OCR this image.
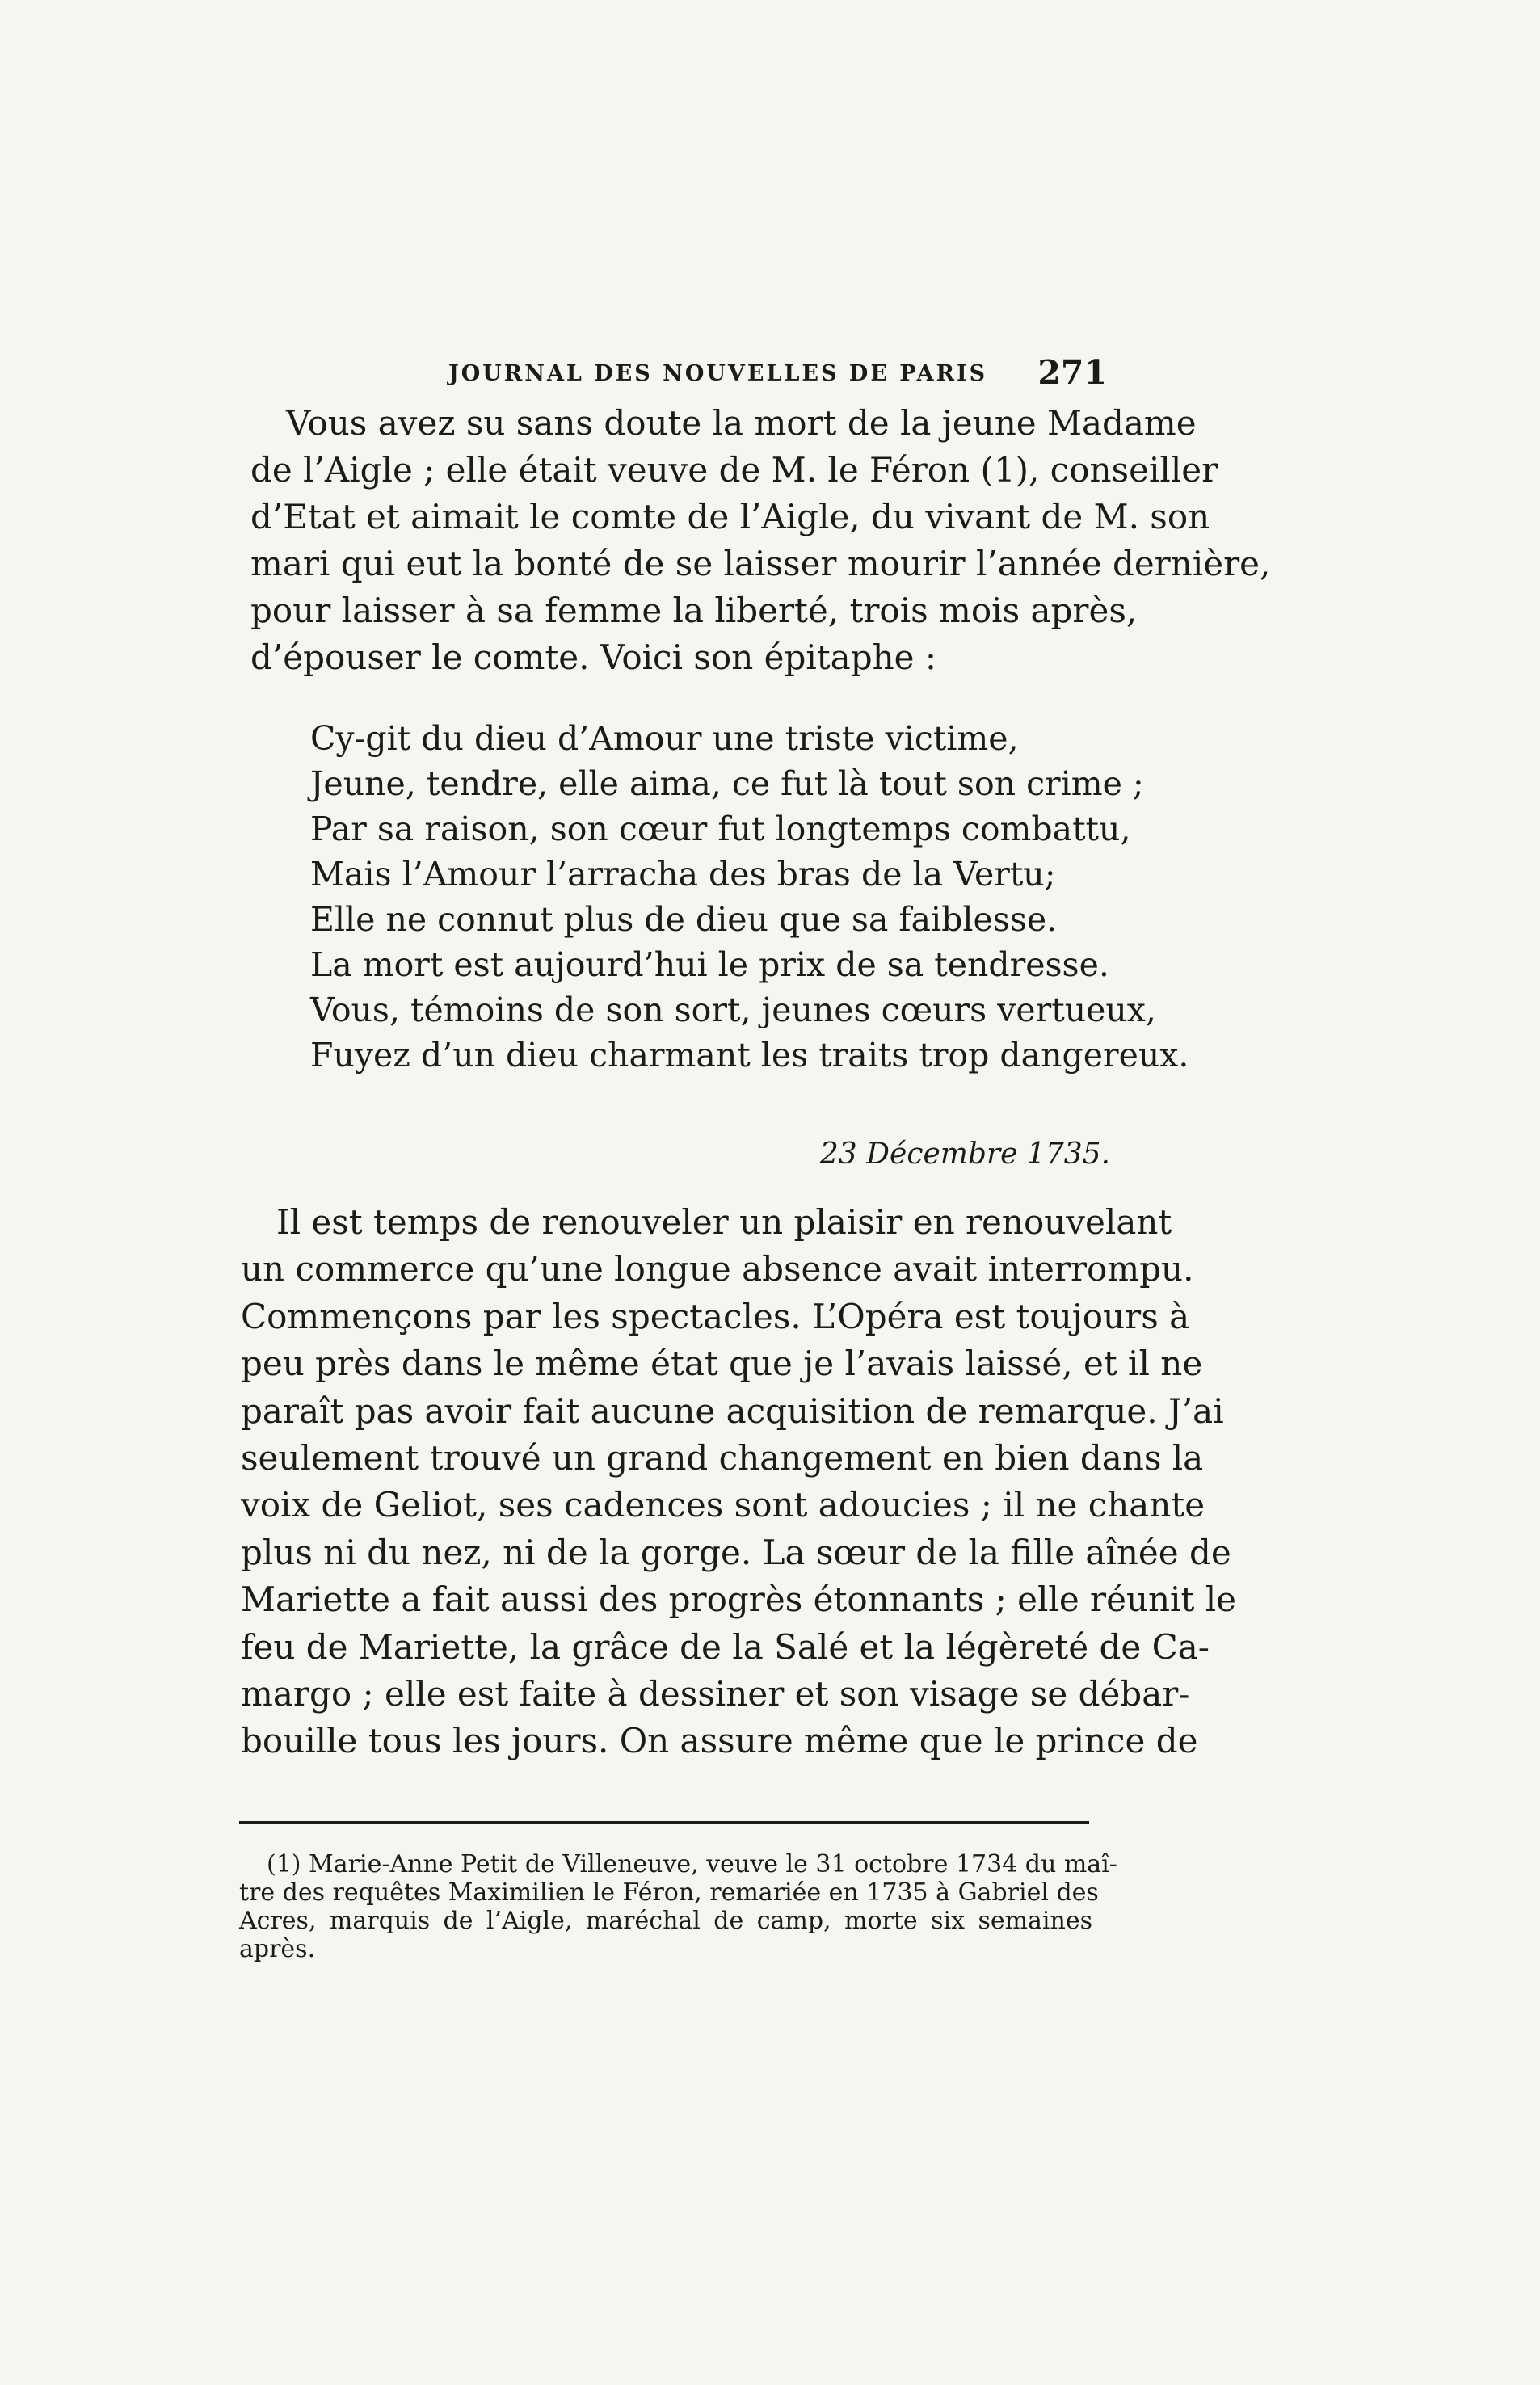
JOURNAL DES NOUVELLES DE PARIS 271
Vous avez su sans doute la mort de la jeune Madame
de l’Aigle ; elle était veuve de M. le Féron (1), conseiller
d’Etat et aimait le comte de l’Aigle, du vivant de M. son
mari qui eut la bonté de se laisser mourir l’année dernière,
pour laisser à sa femme la liberté, trois mois après,
d’épouser le comte. Voici son épitaphe :
Cy-git du dieu d’Amour une triste victime,
Jeune, tendre, elle aima, ce fut là tout son crime ;
Par sa raison, son cœur fut longtemps combattu,
Mais l’Amour l’arracha des bras de la Vertu;
Elle ne connut plus de dieu que sa faiblesse.
La mort est aujourd’hui le prix de sa tendresse.
Vous, témoins de son sort, jeunes cœurs vertueux,
Fuyez d’un dieu charmant les traits trop dangereux.
23 Décembre 1735.
Il est temps de renouveler un plaisir en renouvelant
un commerce qu’une longue absence avait interrompu.
Commençons par les spectacles. L’Opéra est toujours à
peu près dans le même état que je l’avais laissé, et il ne
paraît pas avoir fait aucune acquisition de remarque. J’ai
seulement trouvé un grand changement en bien dans la
voix de Geliot, ses cadences sont adoucies ; il ne chante
plus ni du nez, ni de la gorge. La sœur de la fille aînée de
Mariette a fait aussi des progrès étonnants ; elle réunit le
feu de Mariette, la grâce de la Salé et la légèreté de Ca-
margo ; elle est faite à dessiner et son visage se débar-
bouille tous les jours. On assure même que le prince de
(1) Marie-Anne Petit de Villeneuve, veuve le 31 octobre 1734 du maî-
tre des requêtes Maximilien le Féron, remariée en 1735 à Gabriel des
Acres, marquis de l’Aigle, maréchal de camp, morte six semaines
après.
